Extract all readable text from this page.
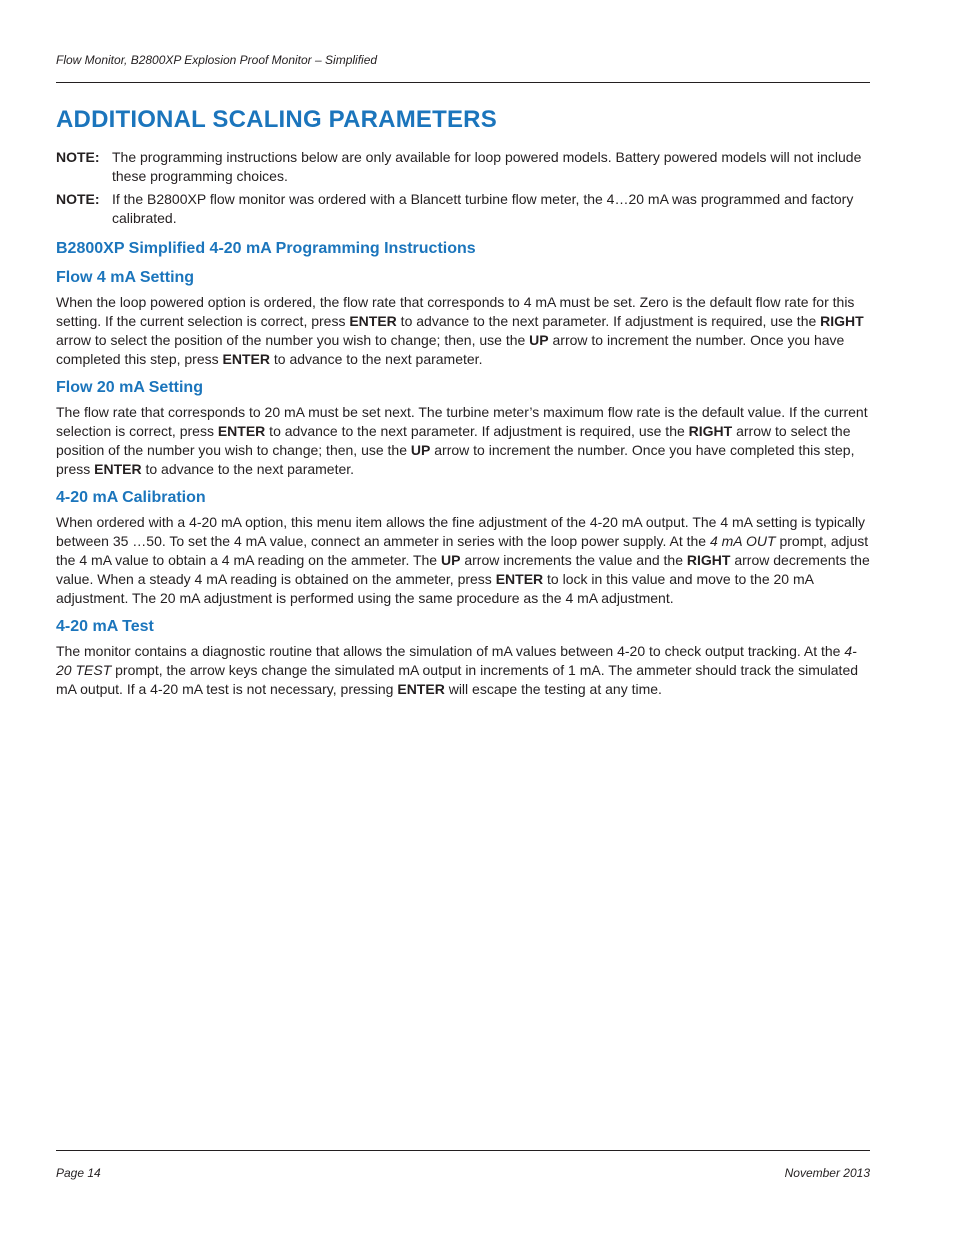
Flow Monitor, B2800XP Explosion Proof Monitor – Simplified
ADDITIONAL SCALING PARAMETERS
NOTE: The programming instructions below are only available for loop powered models. Battery powered models will not include these programming choices.
NOTE: If the B2800XP flow monitor was ordered with a Blancett turbine flow meter, the 4…20 mA was programmed and factory calibrated.
B2800XP Simplified 4-20 mA Programming Instructions
Flow 4 mA Setting

When the loop powered option is ordered, the flow rate that corresponds to 4 mA must be set. Zero is the default flow rate for this setting. If the current selection is correct, press ENTER to advance to the next parameter. If adjustment is required, use the RIGHT arrow to select the position of the number you wish to change; then, use the UP arrow to increment the number. Once you have completed this step, press ENTER to advance to the next parameter.

Flow 20 mA Setting

The flow rate that corresponds to 20 mA must be set next. The turbine meter’s maximum flow rate is the default value. If the current selection is correct, press ENTER to advance to the next parameter. If adjustment is required, use the RIGHT arrow to select the position of the number you wish to change; then, use the UP arrow to increment the number. Once you have completed this step, press ENTER to advance to the next parameter.

4-20 mA Calibration

When ordered with a 4-20 mA option, this menu item allows the fine adjustment of the 4-20 mA output. The 4 mA setting is typically between 35 …50. To set the 4 mA value, connect an ammeter in series with the loop power supply. At the 4 mA OUT prompt, adjust the 4 mA value to obtain a 4 mA reading on the ammeter. The UP arrow increments the value and the RIGHT arrow decrements the value. When a steady 4 mA reading is obtained on the ammeter, press ENTER to lock in this value and move to the 20 mA adjustment. The 20 mA adjustment is performed using the same procedure as the 4 mA adjustment.

4-20 mA Test

The monitor contains a diagnostic routine that allows the simulation of mA values between 4-20 to check output tracking. At the 4-20 TEST prompt, the arrow keys change the simulated mA output in increments of 1 mA. The ammeter should track the simulated mA output. If a 4-20 mA test is not necessary, pressing ENTER will escape the testing at any time.

Page 14	November 2013
